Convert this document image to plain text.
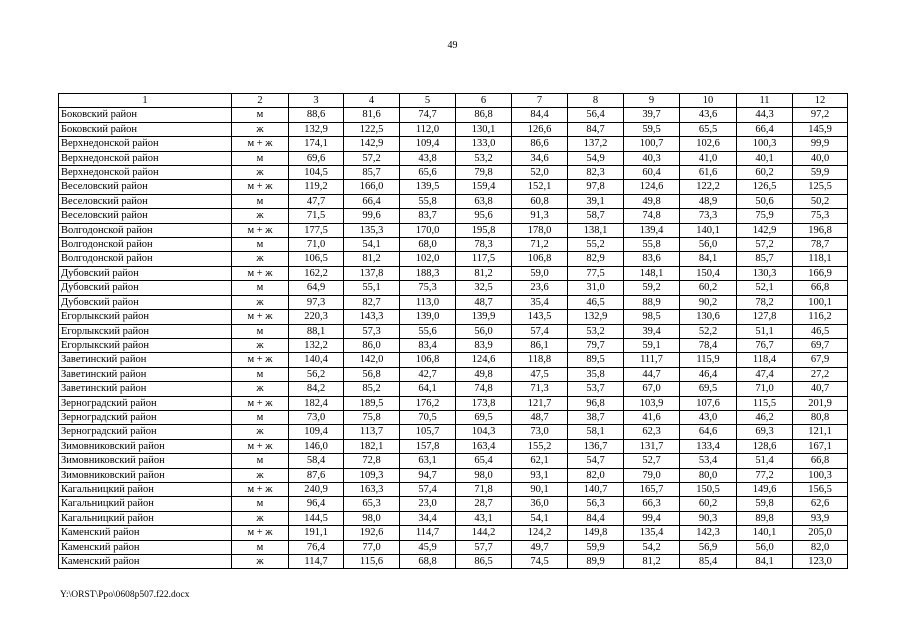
49
1	2	3	4	5	6	7	8	9	10	11	12
Боковский район	м	88,6	81,6	74,7	86,8	84,4	56,4	39,7	43,6	44,3	97,2
Боковский район	ж	132,9	122,5	112,0	130,1	126,6	84,7	59,5	65,5	66,4	145,9
Верхнедонской район	м + ж	174,1	142,9	109,4	133,0	86,6	137,2	100,7	102,6	100,3	99,9
Верхнедонской район	м	69,6	57,2	43,8	53,2	34,6	54,9	40,3	41,0	40,1	40,0
Верхнедонской район	ж	104,5	85,7	65,6	79,8	52,0	82,3	60,4	61,6	60,2	59,9
Веселовский район	м + ж	119,2	166,0	139,5	159,4	152,1	97,8	124,6	122,2	126,5	125,5
Веселовский район	м	47,7	66,4	55,8	63,8	60,8	39,1	49,8	48,9	50,6	50,2
Веселовский район	ж	71,5	99,6	83,7	95,6	91,3	58,7	74,8	73,3	75,9	75,3
Волгодонской район	м + ж	177,5	135,3	170,0	195,8	178,0	138,1	139,4	140,1	142,9	196,8
Волгодонской район	м	71,0	54,1	68,0	78,3	71,2	55,2	55,8	56,0	57,2	78,7
Волгодонской район	ж	106,5	81,2	102,0	117,5	106,8	82,9	83,6	84,1	85,7	118,1
Дубовский район	м + ж	162,2	137,8	188,3	81,2	59,0	77,5	148,1	150,4	130,3	166,9
Дубовский район	м	64,9	55,1	75,3	32,5	23,6	31,0	59,2	60,2	52,1	66,8
Дубовский район	ж	97,3	82,7	113,0	48,7	35,4	46,5	88,9	90,2	78,2	100,1
Егорлыкский район	м + ж	220,3	143,3	139,0	139,9	143,5	132,9	98,5	130,6	127,8	116,2
Егорлыкский район	м	88,1	57,3	55,6	56,0	57,4	53,2	39,4	52,2	51,1	46,5
Егорлыкский район	ж	132,2	86,0	83,4	83,9	86,1	79,7	59,1	78,4	76,7	69,7
Заветинский район	м + ж	140,4	142,0	106,8	124,6	118,8	89,5	111,7	115,9	118,4	67,9
Заветинский район	м	56,2	56,8	42,7	49,8	47,5	35,8	44,7	46,4	47,4	27,2
Заветинский район	ж	84,2	85,2	64,1	74,8	71,3	53,7	67,0	69,5	71,0	40,7
Зерноградский район	м + ж	182,4	189,5	176,2	173,8	121,7	96,8	103,9	107,6	115,5	201,9
Зерноградский район	м	73,0	75,8	70,5	69,5	48,7	38,7	41,6	43,0	46,2	80,8
Зерноградский район	ж	109,4	113,7	105,7	104,3	73,0	58,1	62,3	64,6	69,3	121,1
Зимовниковский район	м + ж	146,0	182,1	157,8	163,4	155,2	136,7	131,7	133,4	128,6	167,1
Зимовниковский район	м	58,4	72,8	63,1	65,4	62,1	54,7	52,7	53,4	51,4	66,8
Зимовниковский район	ж	87,6	109,3	94,7	98,0	93,1	82,0	79,0	80,0	77,2	100,3
Кагальницкий район	м + ж	240,9	163,3	57,4	71,8	90,1	140,7	165,7	150,5	149,6	156,5
Кагальницкий район	м	96,4	65,3	23,0	28,7	36,0	56,3	66,3	60,2	59,8	62,6
Кагальницкий район	ж	144,5	98,0	34,4	43,1	54,1	84,4	99,4	90,3	89,8	93,9
Каменский район	м + ж	191,1	192,6	114,7	144,2	124,2	149,8	135,4	142,3	140,1	205,0
Каменский район	м	76,4	77,0	45,9	57,7	49,7	59,9	54,2	56,9	56,0	82,0
Каменский район	ж	114,7	115,6	68,8	86,5	74,5	89,9	81,2	85,4	84,1	123,0
Y:\ORST\Ppo\0608p507.f22.docx
